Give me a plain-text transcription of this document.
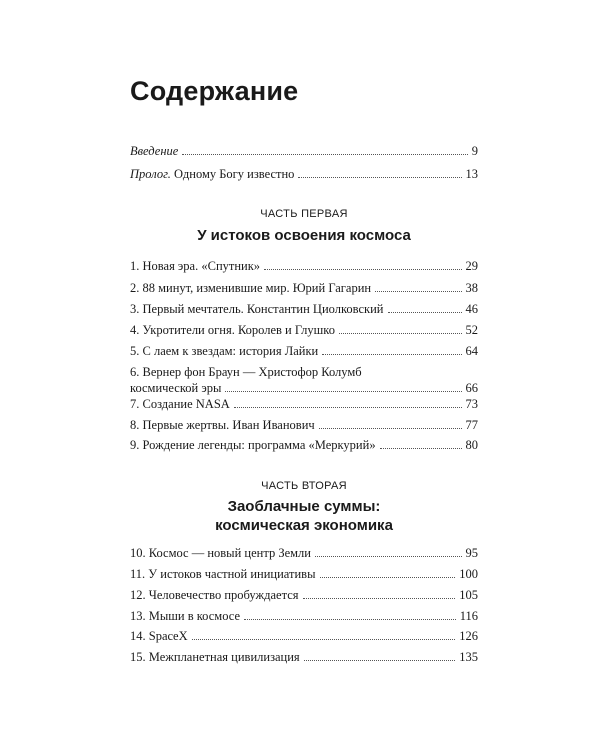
Содержание
Введение	9
Пролог. Одному Богу известно	13
ЧАСТЬ ПЕРВАЯ
У истоков освоения космоса
1. Новая эра. «Спутник»	29
2. 88 минут, изменившие мир. Юрий Гагарин	38
3. Первый мечтатель. Константин Циолковский	46
4. Укротители огня. Королев и Глушко	52
5. С лаем к звездам: история Лайки	64
6. Вернер фон Браун — Христофор Колумб
космической эры	66
7. Создание NASA	73
8. Первые жертвы. Иван Иванович	77
9. Рождение легенды: программа «Меркурий»	80
ЧАСТЬ ВТОРАЯ
Заоблачные суммы:
космическая экономика
10. Космос — новый центр Земли	95
11. У истоков частной инициативы	100
12. Человечество пробуждается	105
13. Мыши в космосе	116
14. SpaceX	126
15. Межпланетная цивилизация	135
